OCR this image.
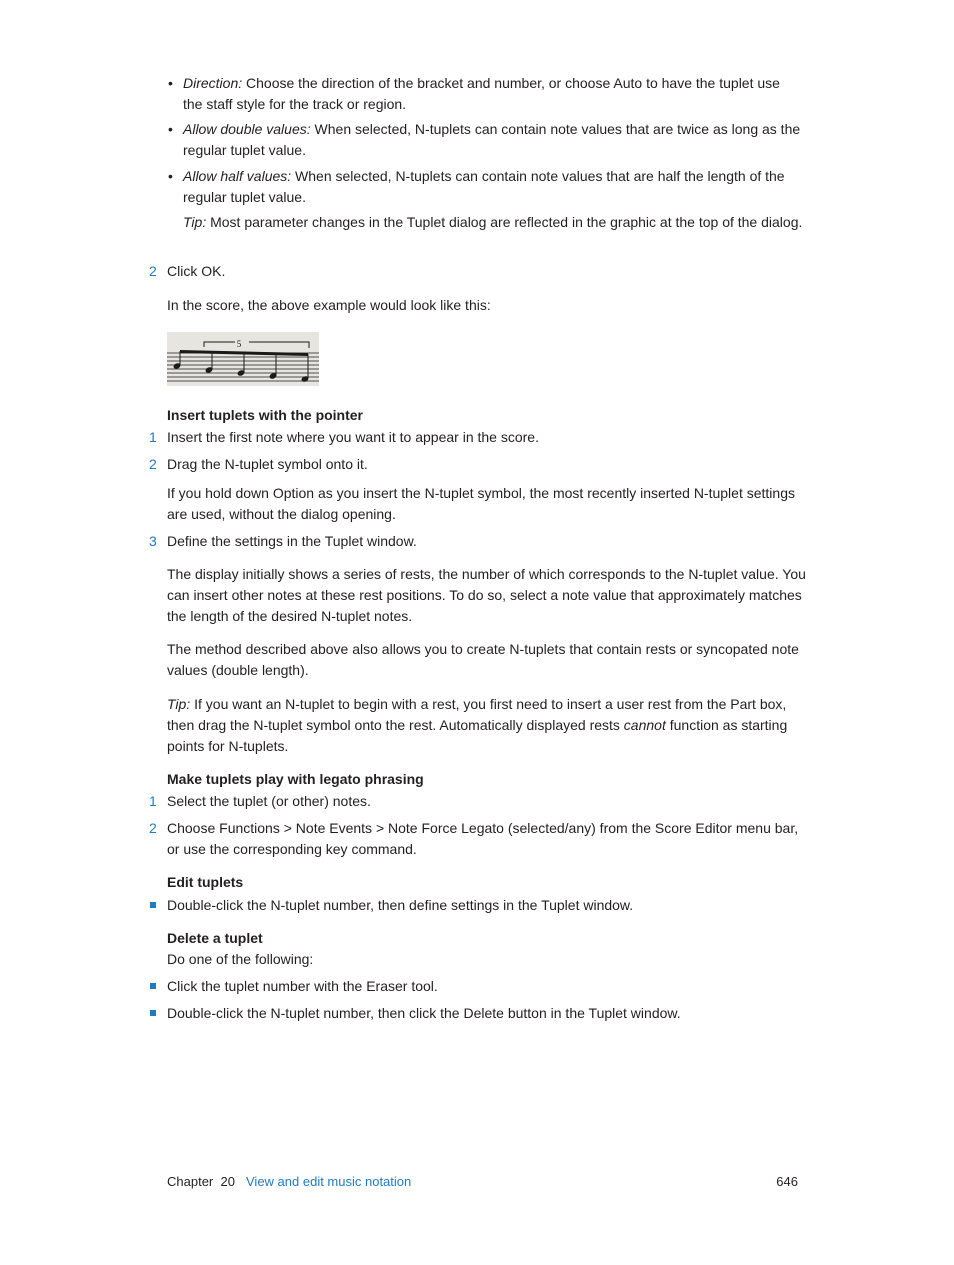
• Direction: Choose the direction of the bracket and number, or choose Auto to have the tuplet use the staff style for the track or region.
• Allow double values: When selected, N-tuplets can contain note values that are twice as long as the regular tuplet value.
• Allow half values: When selected, N-tuplets can contain note values that are half the length of the regular tuplet value.
Tip: Most parameter changes in the Tuplet dialog are reflected in the graphic at the top of the dialog.
2 Click OK.
In the score, the above example would look like this:
5
Insert tuplets with the pointer
1 Insert the first note where you want it to appear in the score.
2 Drag the N-tuplet symbol onto it.
If you hold down Option as you insert the N-tuplet symbol, the most recently inserted N-tuplet settings are used, without the dialog opening.
3 Define the settings in the Tuplet window.
The display initially shows a series of rests, the number of which corresponds to the N-tuplet value. You can insert other notes at these rest positions. To do so, select a note value that approximately matches the length of the desired N-tuplet notes.
The method described above also allows you to create N-tuplets that contain rests or syncopated note values (double length).
Tip: If you want an N-tuplet to begin with a rest, you first need to insert a user rest from the Part box, then drag the N-tuplet symbol onto the rest. Automatically displayed rests cannot function as starting points for N-tuplets.
Make tuplets play with legato phrasing
1 Select the tuplet (or other) notes.
2 Choose Functions > Note Events > Note Force Legato (selected/any) from the Score Editor menu bar, or use the corresponding key command.
Edit tuplets
Double-click the N-tuplet number, then define settings in the Tuplet window.
Delete a tuplet
Do one of the following:
Click the tuplet number with the Eraser tool.
Double-click the N-tuplet number, then click the Delete button in the Tuplet window.
Chapter  20 View and edit music notation	646
